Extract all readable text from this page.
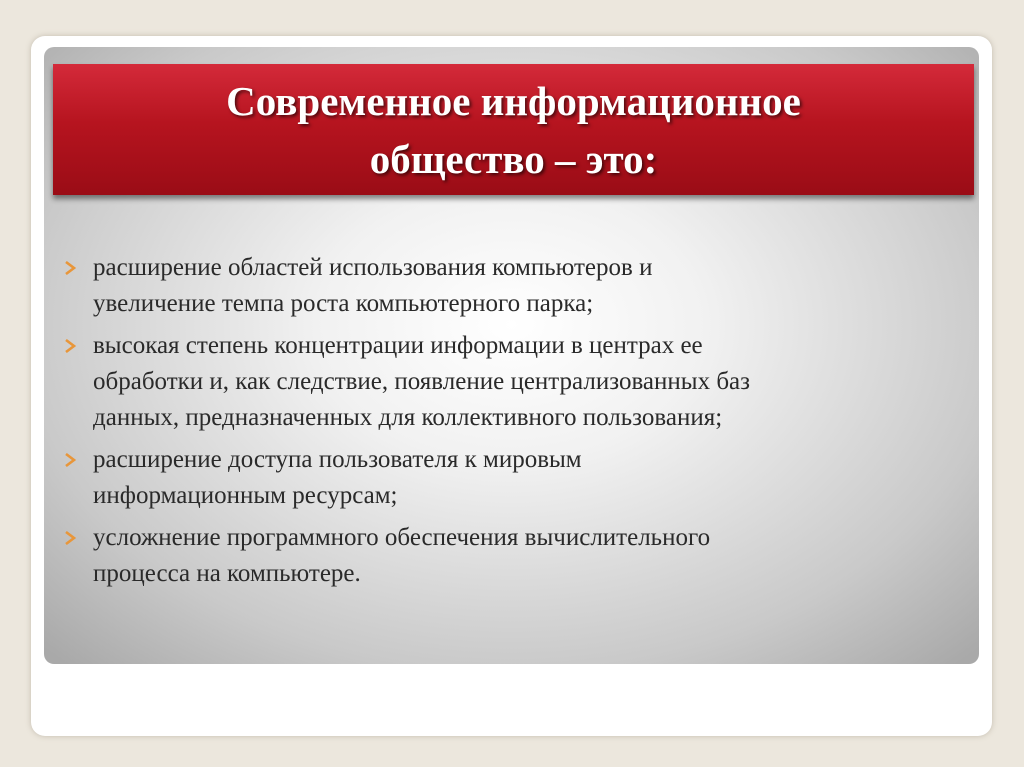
Современное информационное
общество – это:
расширение областей использования компьютеров и
увеличение темпа роста компьютерного парка;
высокая степень концентрации информации в центрах ее
обработки и, как следствие, появление централизованных баз
данных, предназначенных для коллективного пользования;
расширение доступа пользователя к мировым
информационным ресурсам;
усложнение программного обеспечения вычислительного
процесса на компьютере.
